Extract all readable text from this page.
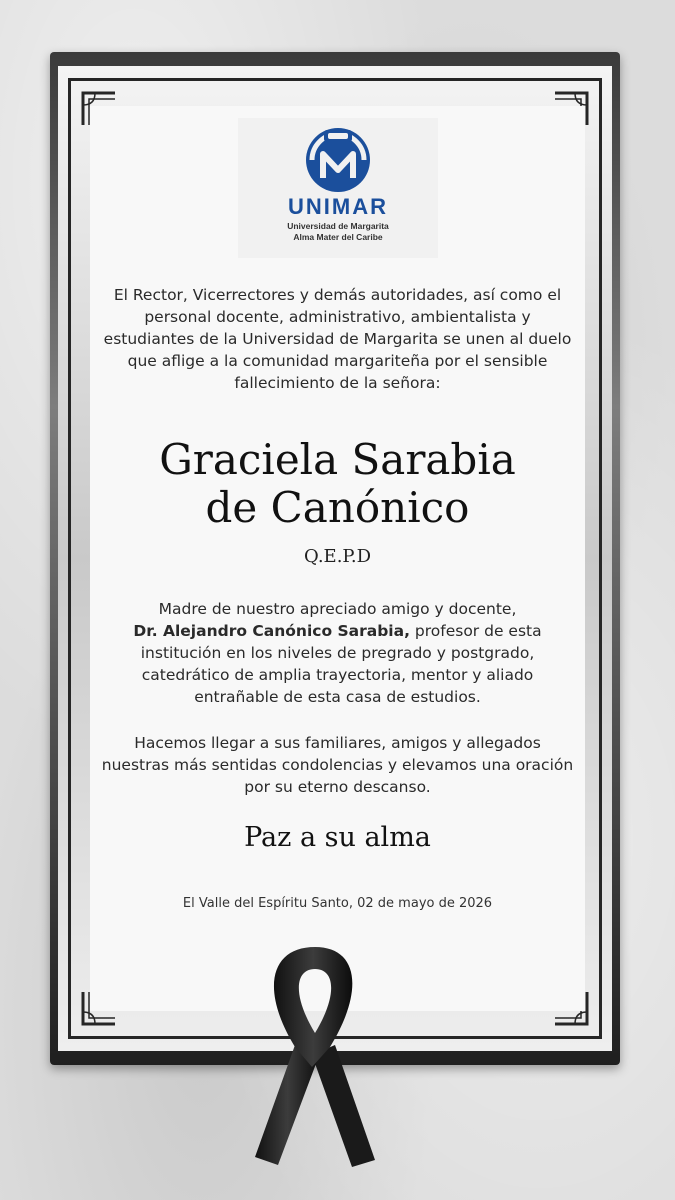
UNIMAR
Universidad de Margarita
Alma Mater del Caribe
El Rector, Vicerrectores y demás autoridades, así como el personal docente, administrativo, ambientalista y estudiantes de la Universidad de Margarita se unen al duelo que aflige a la comunidad margariteña por el sensible fallecimiento de la señora:
Graciela Sarabia
de Canónico
Q.E.P.D
Madre de nuestro apreciado amigo y docente,
Dr. Alejandro Canónico Sarabia, profesor de esta institución en los niveles de pregrado y postgrado, catedrático de amplia trayectoria, mentor y aliado entrañable de esta casa de estudios.
Hacemos llegar a sus familiares, amigos y allegados nuestras más sentidas condolencias y elevamos una oración por su eterno descanso.
Paz a su alma
El Valle del Espíritu Santo, 02 de mayo de 2026
